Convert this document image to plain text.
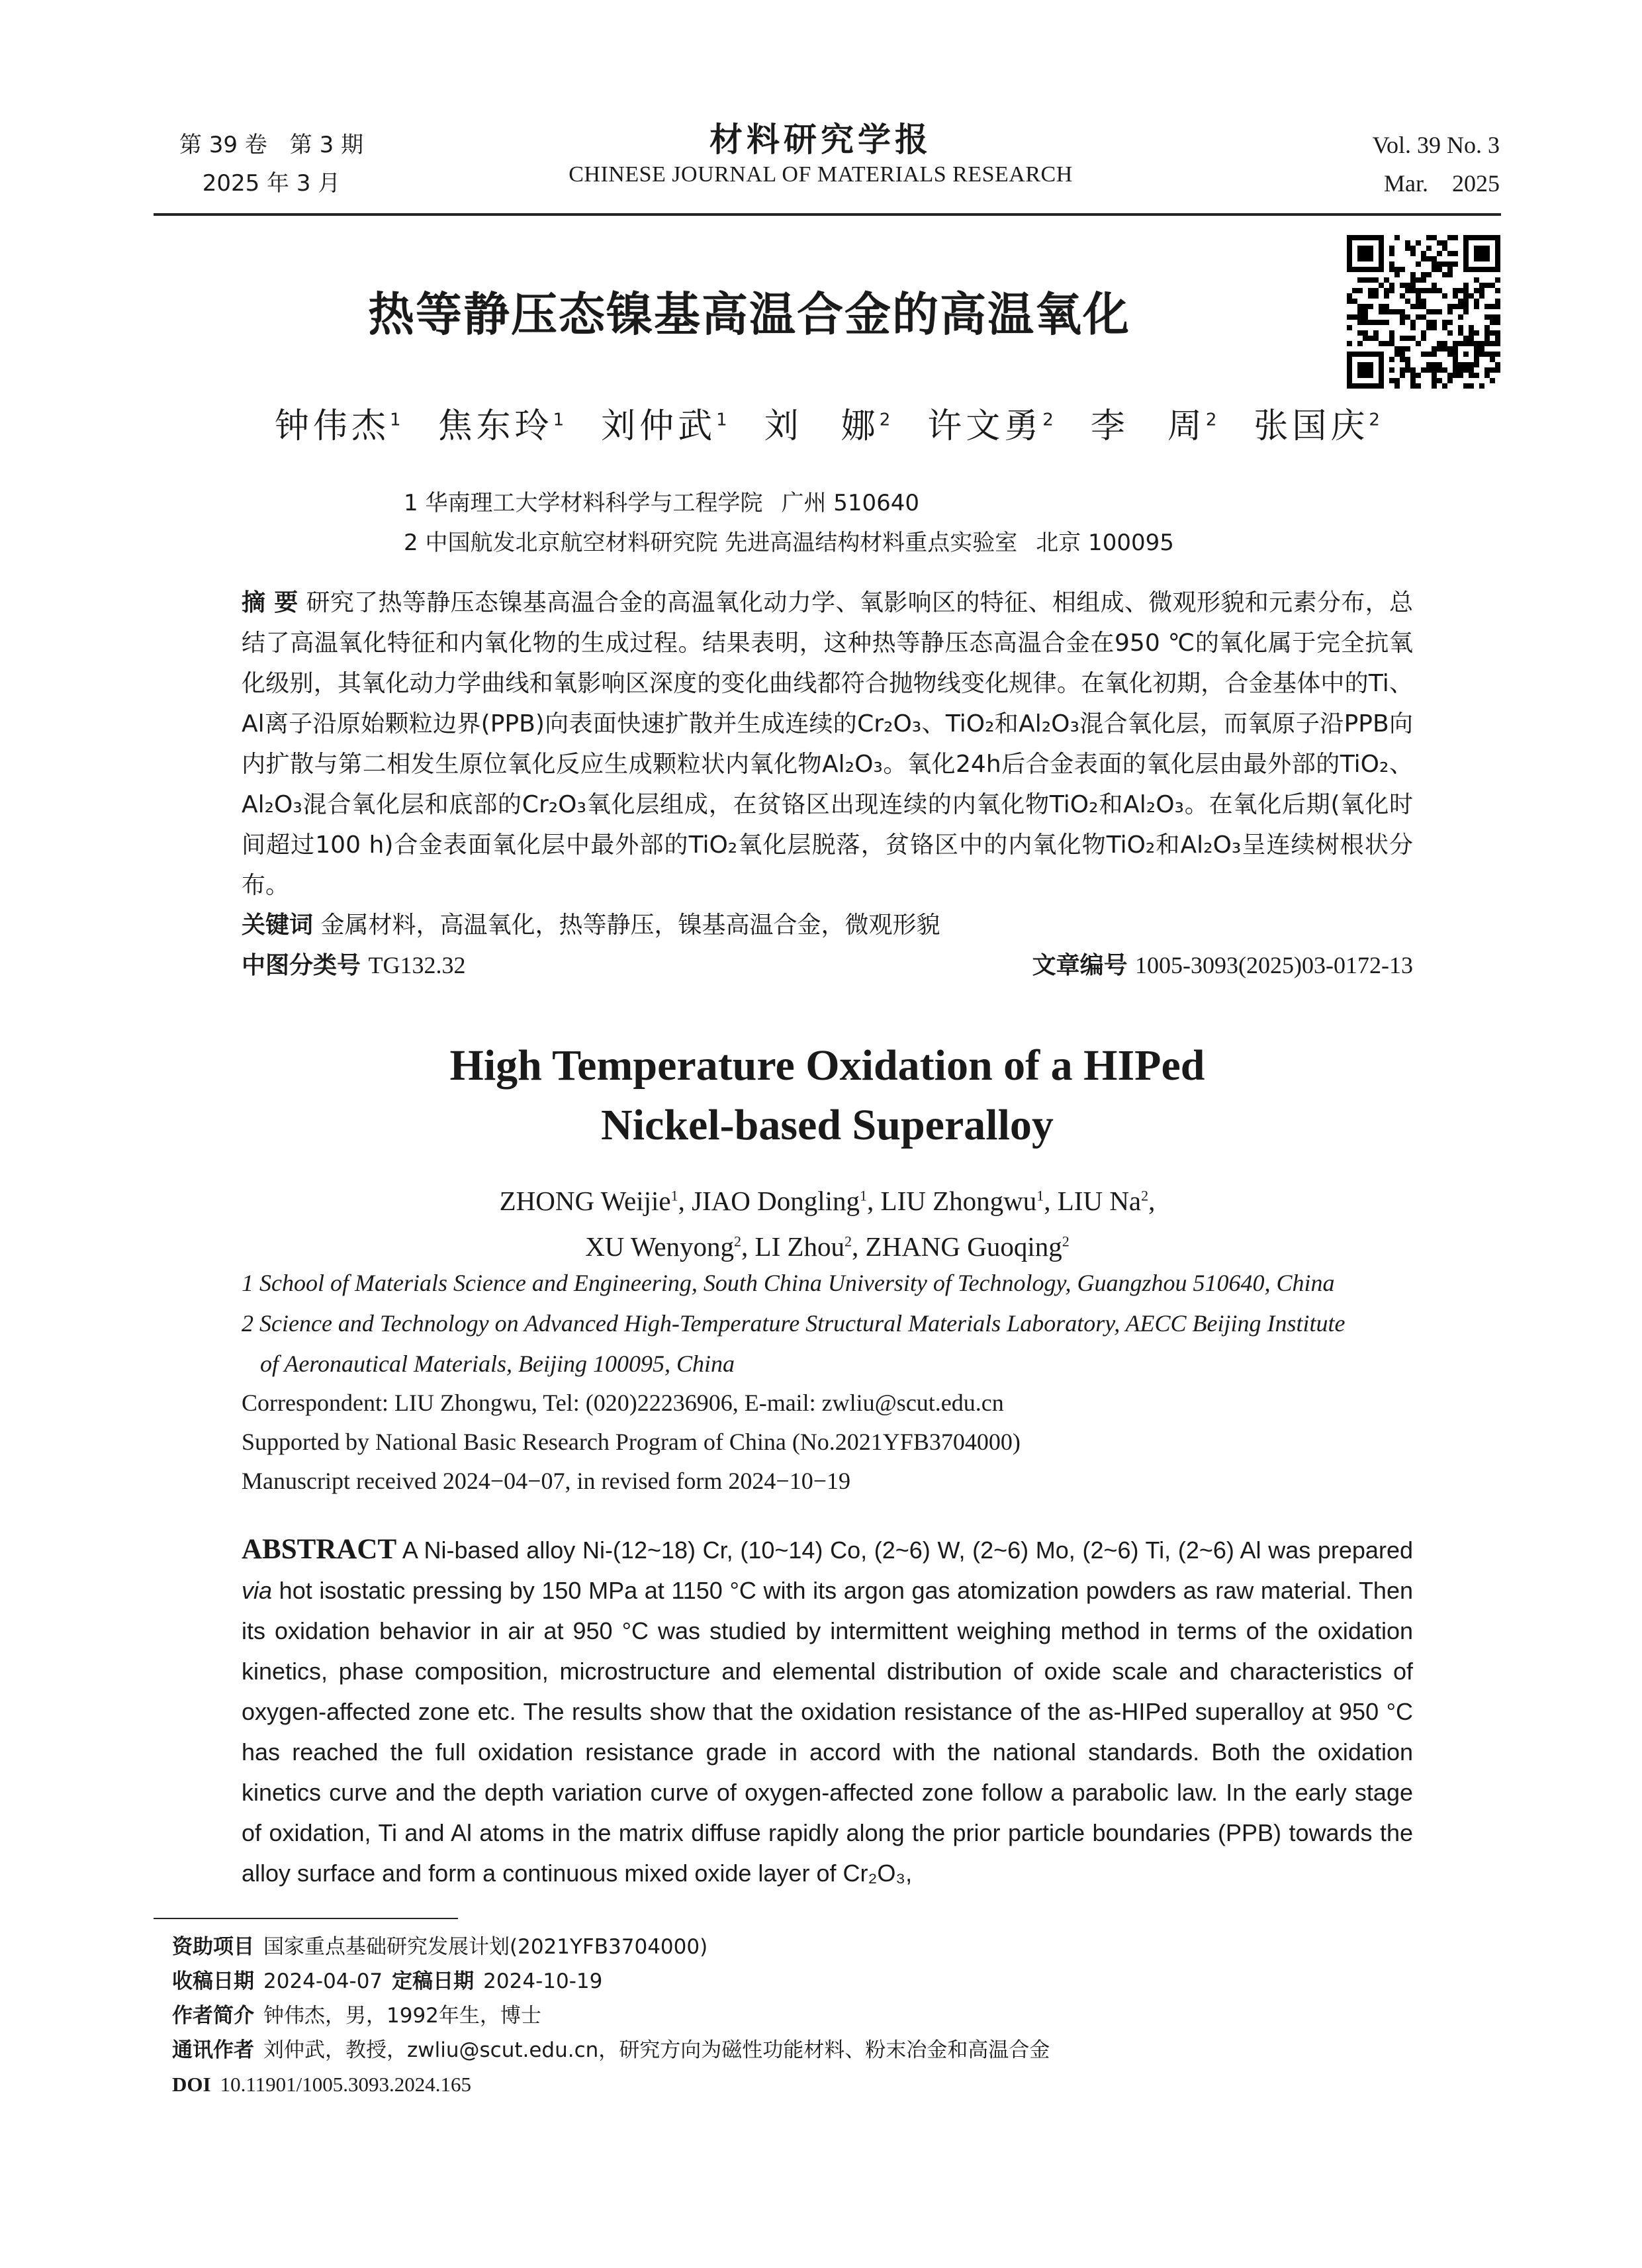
第 39 卷　第 3 期
2025 年 3 月
材料研究学报
CHINESE JOURNAL OF MATERIALS RESEARCH
Vol. 39 No. 3
Mar.　2025
热等静压态镍基高温合金的高温氧化
钟伟杰$^1$ 焦东玲$^1$ 刘仲武$^1$ 刘　娜$^2$ 许文勇$^2$ 李　周$^2$ 张国庆$^2$
1 华南理工大学材料科学与工程学院 广州 510640
2 中国航发北京航空材料研究院 先进高温结构材料重点实验室 北京 100095
摘 要 研究了热等静压态镍基高温合金的高温氧化动力学、氧影响区的特征、相组成、微观形貌和元素分布，总结了高温氧化特征和内氧化物的生成过程。结果表明，这种热等静压态高温合金在950 ℃的氧化属于完全抗氧化级别，其氧化动力学曲线和氧影响区深度的变化曲线都符合抛物线变化规律。在氧化初期，合金基体中的Ti、Al离子沿原始颗粒边界(PPB)向表面快速扩散并生成连续的Cr₂O₃、TiO₂和Al₂O₃混合氧化层，而氧原子沿PPB向内扩散与第二相发生原位氧化反应生成颗粒状内氧化物Al₂O₃。氧化24h后合金表面的氧化层由最外部的TiO₂、Al₂O₃混合氧化层和底部的Cr₂O₃氧化层组成，在贫铬区出现连续的内氧化物TiO₂和Al₂O₃。在氧化后期(氧化时间超过100 h)合金表面氧化层中最外部的TiO₂氧化层脱落，贫铬区中的内氧化物TiO₂和Al₂O₃呈连续树根状分布。
关键词 金属材料，高温氧化，热等静压，镍基高温合金，微观形貌
中图分类号 TG132.32	文章编号 1005-3093(2025)03-0172-13
High Temperature Oxidation of a HIPed
Nickel-based Superalloy
ZHONG Weijie$^1$, JIAO Dongling$^1$, LIU Zhongwu$^1$, LIU Na$^2$,
XU Wenyong$^2$, LI Zhou$^2$, ZHANG Guoqing$^2$
1 School of Materials Science and Engineering, South China University of Technology, Guangzhou 510640, China
2 Science and Technology on Advanced High-Temperature Structural Materials Laboratory, AECC Beijing Institute
of Aeronautical Materials, Beijing 100095, China
Correspondent: LIU Zhongwu, Tel: (020)22236906, E-mail: zwliu@scut.edu.cn
Supported by National Basic Research Program of China (No.2021YFB3704000)
Manuscript received 2024−04−07, in revised form 2024−10−19
ABSTRACT A Ni-based alloy Ni-(12~18) Cr, (10~14) Co, (2~6) W, (2~6) Mo, (2~6) Ti, (2~6) Al was prepared via hot isostatic pressing by 150 MPa at 1150 °C with its argon gas atomization powders as raw material. Then its oxidation behavior in air at 950 °C was studied by intermittent weighing method in terms of the oxidation kinetics, phase composition, microstructure and elemental distribution of oxide scale and characteristics of oxygen-affected zone etc. The results show that the oxidation resistance of the as-HIPed superalloy at 950 °C has reached the full oxidation resistance grade in accord with the national standards. Both the oxidation kinetics curve and the depth variation curve of oxygen-affected zone follow a parabolic law. In the early stage of oxidation, Ti and Al atoms in the matrix diffuse rapidly along the prior particle boundaries (PPB) towards the alloy surface and form a continuous mixed oxide layer of Cr₂O₃,
资助项目 国家重点基础研究发展计划(2021YFB3704000)
收稿日期 2024-04-07 定稿日期 2024-10-19
作者简介 钟伟杰，男，1992年生，博士
通讯作者 刘仲武，教授，zwliu@scut.edu.cn，研究方向为磁性功能材料、粉末冶金和高温合金
DOI 10.11901/1005.3093.2024.165
